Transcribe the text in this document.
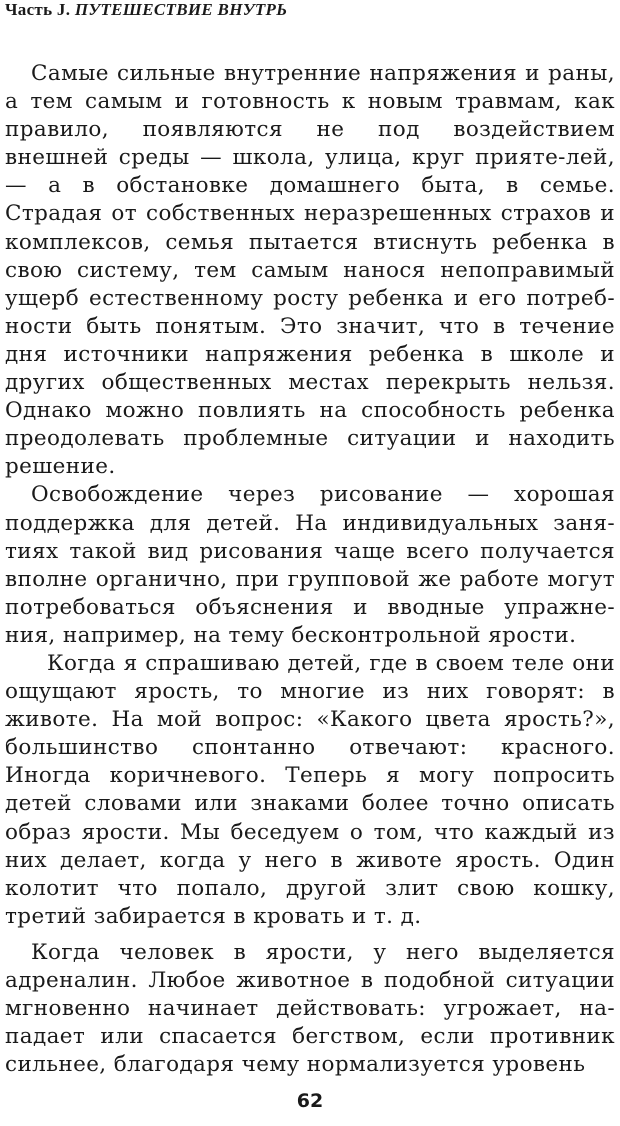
Часть J. ПУТЕШЕСТВИЕ ВНУТРЬ

Самые сильные внутренние напряжения и раны, а тем самым и готовность к новым травмам, как правило, появляются не под воздействием внешней среды — школа, улица, круг прияте-лей, — а в обстановке домашнего быта, в семье. Страдая от собственных неразрешенных страхов и комплексов, семья пытается втиснуть ребенка в свою систему, тем самым нанося непоправимый ущерб естественному росту ребенка и его потреб-ности быть понятым. Это значит, что в течение дня источники напряжения ребенка в школе и других общественных местах перекрыть нельзя. Однако можно повлиять на способность ребенка преодолевать проблемные ситуации и находить решение.

Освобождение через рисование — хорошая поддержка для детей. На индивидуальных заня-тиях такой вид рисования чаще всего получается вполне органично, при групповой же работе могут потребоваться объяснения и вводные упражне-ния, например, на тему бесконтрольной ярости.

Когда я спрашиваю детей, где в своем теле они ощущают ярость, то многие из них говорят: в животе. На мой вопрос: «Какого цвета ярость?», большинство спонтанно отвечают: красного. Иногда коричневого. Теперь я могу попросить детей словами или знаками более точно описать образ ярости. Мы беседуем о том, что каждый из них делает, когда у него в животе ярость. Один колотит что попало, другой злит свою кошку, третий забирается в кровать и т. д.

Когда человек в ярости, у него выделяется адреналин. Любое животное в подобной ситуации мгновенно начинает действовать: угрожает, на-падает или спасается бегством, если противник сильнее, благодаря чему нормализуется уровень

62
